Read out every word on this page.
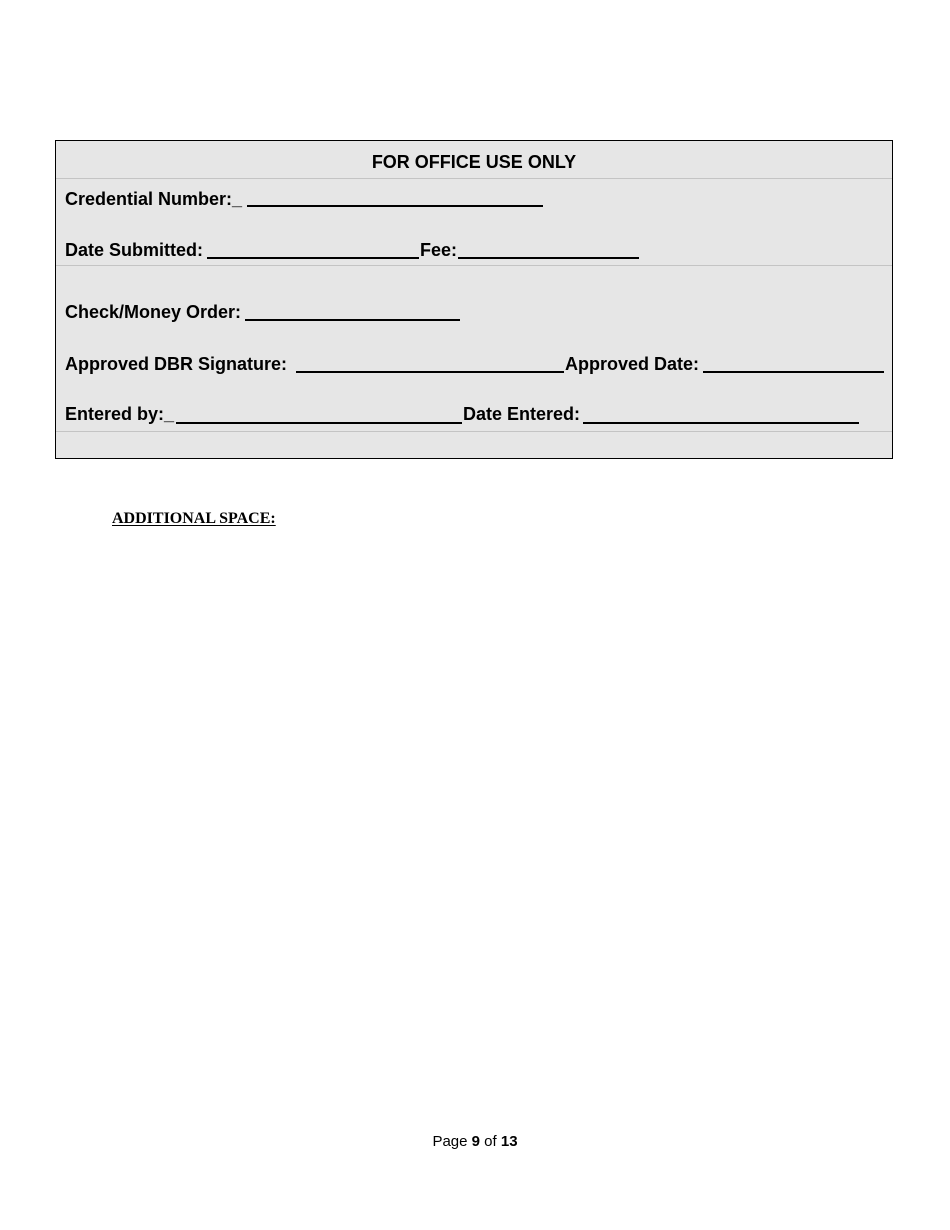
FOR OFFICE USE ONLY
Credential Number:_
Date Submitted:	Fee:
Check/Money Order:
Approved DBR Signature:	Approved Date:
Entered by:_	Date Entered:
ADDITIONAL SPACE:
Page 9 of 13
